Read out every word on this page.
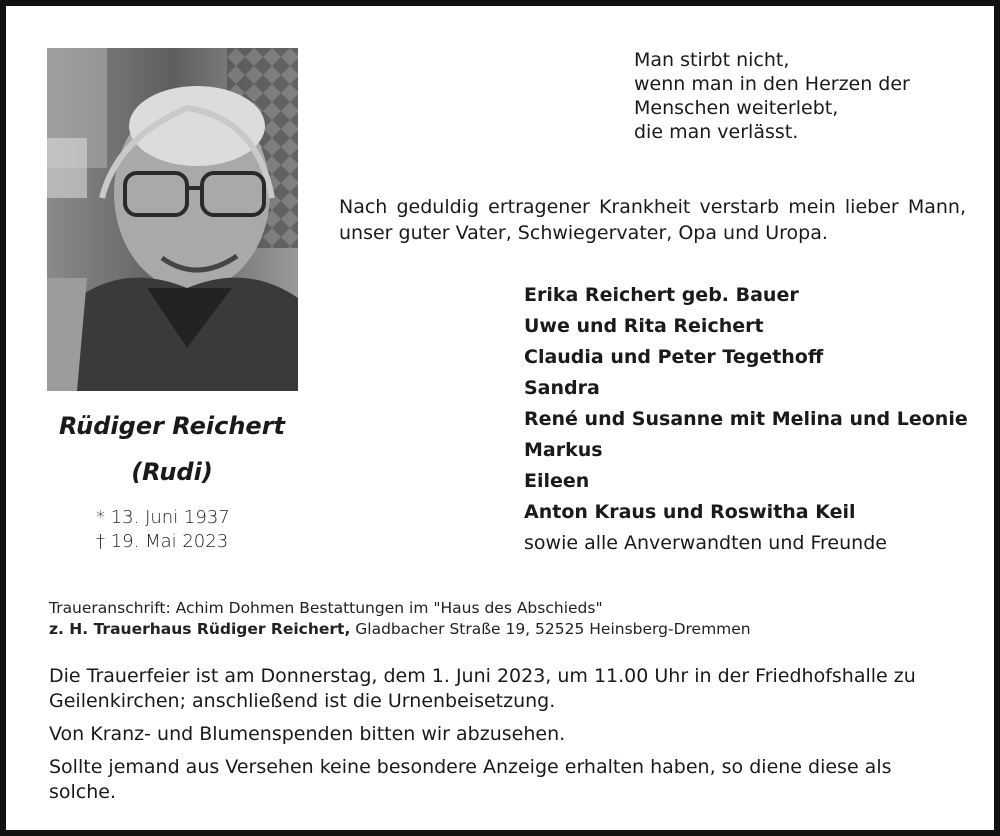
Rüdiger Reichert
(Rudi)
* 13. Juni 1937
† 19. Mai 2023
Man stirbt nicht,
wenn man in den Herzen der
Menschen weiterlebt,
die man verlässt.

Nach geduldig ertragener Krankheit verstarb mein lieber Mann, unser guter Vater, Schwiegervater, Opa und Uropa.

Erika Reichert geb. Bauer
Uwe und Rita Reichert
Claudia und Peter Tegethoff
Sandra
René und Susanne mit Melina und Leonie
Markus
Eileen
Anton Kraus und Roswitha Keil
sowie alle Anverwandten und Freunde
Traueranschrift: Achim Dohmen Bestattungen im "Haus des Abschieds"
z. H. Trauerhaus Rüdiger Reichert, Gladbacher Straße 19, 52525 Heinsberg-Dremmen

Die Trauerfeier ist am Donnerstag, dem 1. Juni 2023, um 11.00 Uhr in der Friedhofshalle zu Geilenkirchen; anschließend ist die Urnenbeisetzung.

Von Kranz- und Blumenspenden bitten wir abzusehen.

Sollte jemand aus Versehen keine besondere Anzeige erhalten haben, so diene diese als solche.
